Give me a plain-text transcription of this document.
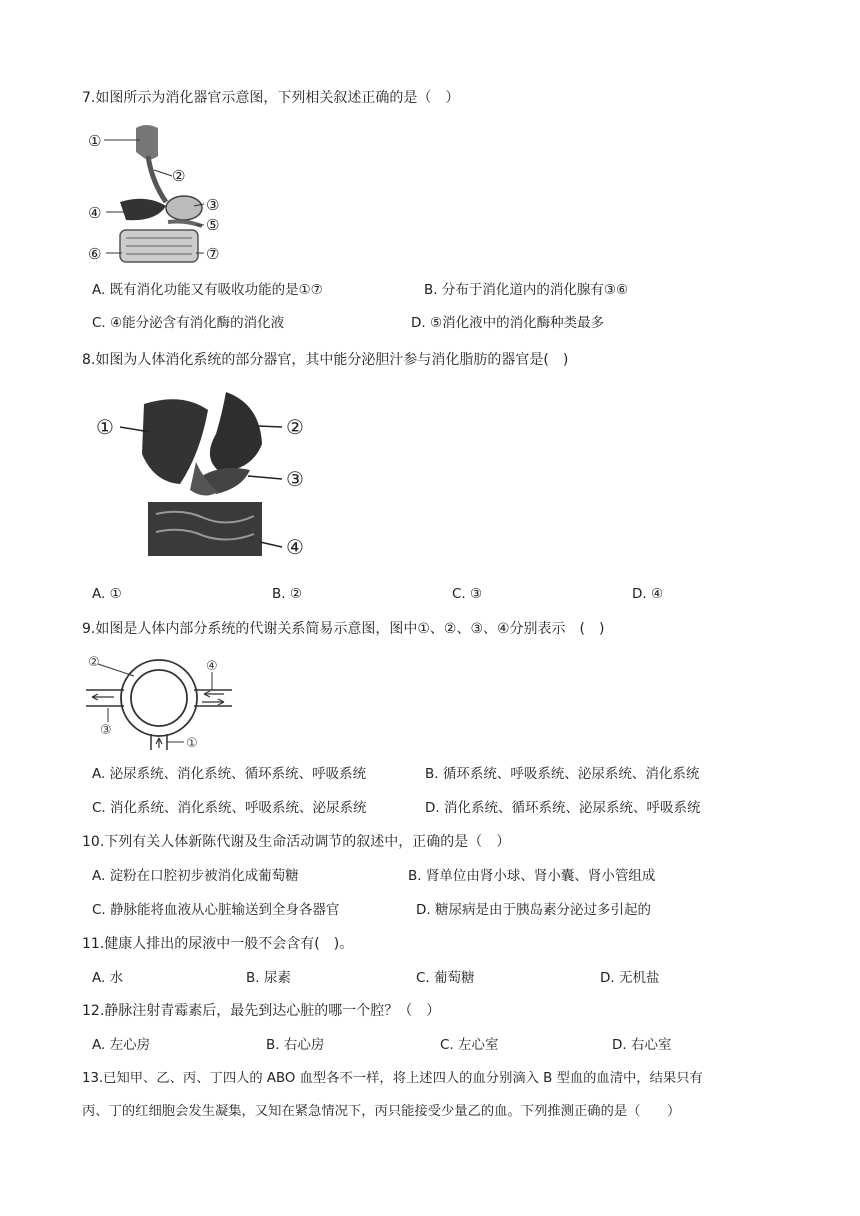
7.如图所示为消化器官示意图，下列相关叙述正确的是（　）
①
②
③
④
⑤
⑥	⑦
A. 既有消化功能又有吸收功能的是①⑦	B. 分布于消化道内的消化腺有③⑥
C. ④能分泌含有消化酶的消化液	D. ⑤消化液中的消化酶种类最多
8.如图为人体消化系统的部分器官，其中能分泌胆汁参与消化脂肪的器官是(　)
①	②
③
④
A. ①	B. ②	C. ③	D. ④
9.如图是人体内部分系统的代谢关系简易示意图，图中①、②、③、④分别表示　(　)
②	④
③
①
A. 泌尿系统、消化系统、循环系统、呼吸系统	B. 循环系统、呼吸系统、泌尿系统、消化系统
C. 消化系统、消化系统、呼吸系统、泌尿系统	D. 消化系统、循环系统、泌尿系统、呼吸系统
10.下列有关人体新陈代谢及生命活动调节的叙述中，正确的是（　）
A. 淀粉在口腔初步被消化成葡萄糖	B. 肾单位由肾小球、肾小囊、肾小管组成
C. 静脉能将血液从心脏输送到全身各器官	D. 糖尿病是由于胰岛素分泌过多引起的
11.健康人排出的尿液中一般不会含有(　)。
A. 水	B. 尿素	C. 葡萄糖	D. 无机盐
12.静脉注射青霉素后，最先到达心脏的哪一个腔？（　）
A. 左心房	B. 右心房	C. 左心室	D. 右心室
13.已知甲、乙、丙、丁四人的 ABO 血型各不一样，将上述四人的血分别滴入 B 型血的血清中，结果只有
丙、丁的红细胞会发生凝集，又知在紧急情况下，丙只能接受少量乙的血。下列推测正确的是（　　）
